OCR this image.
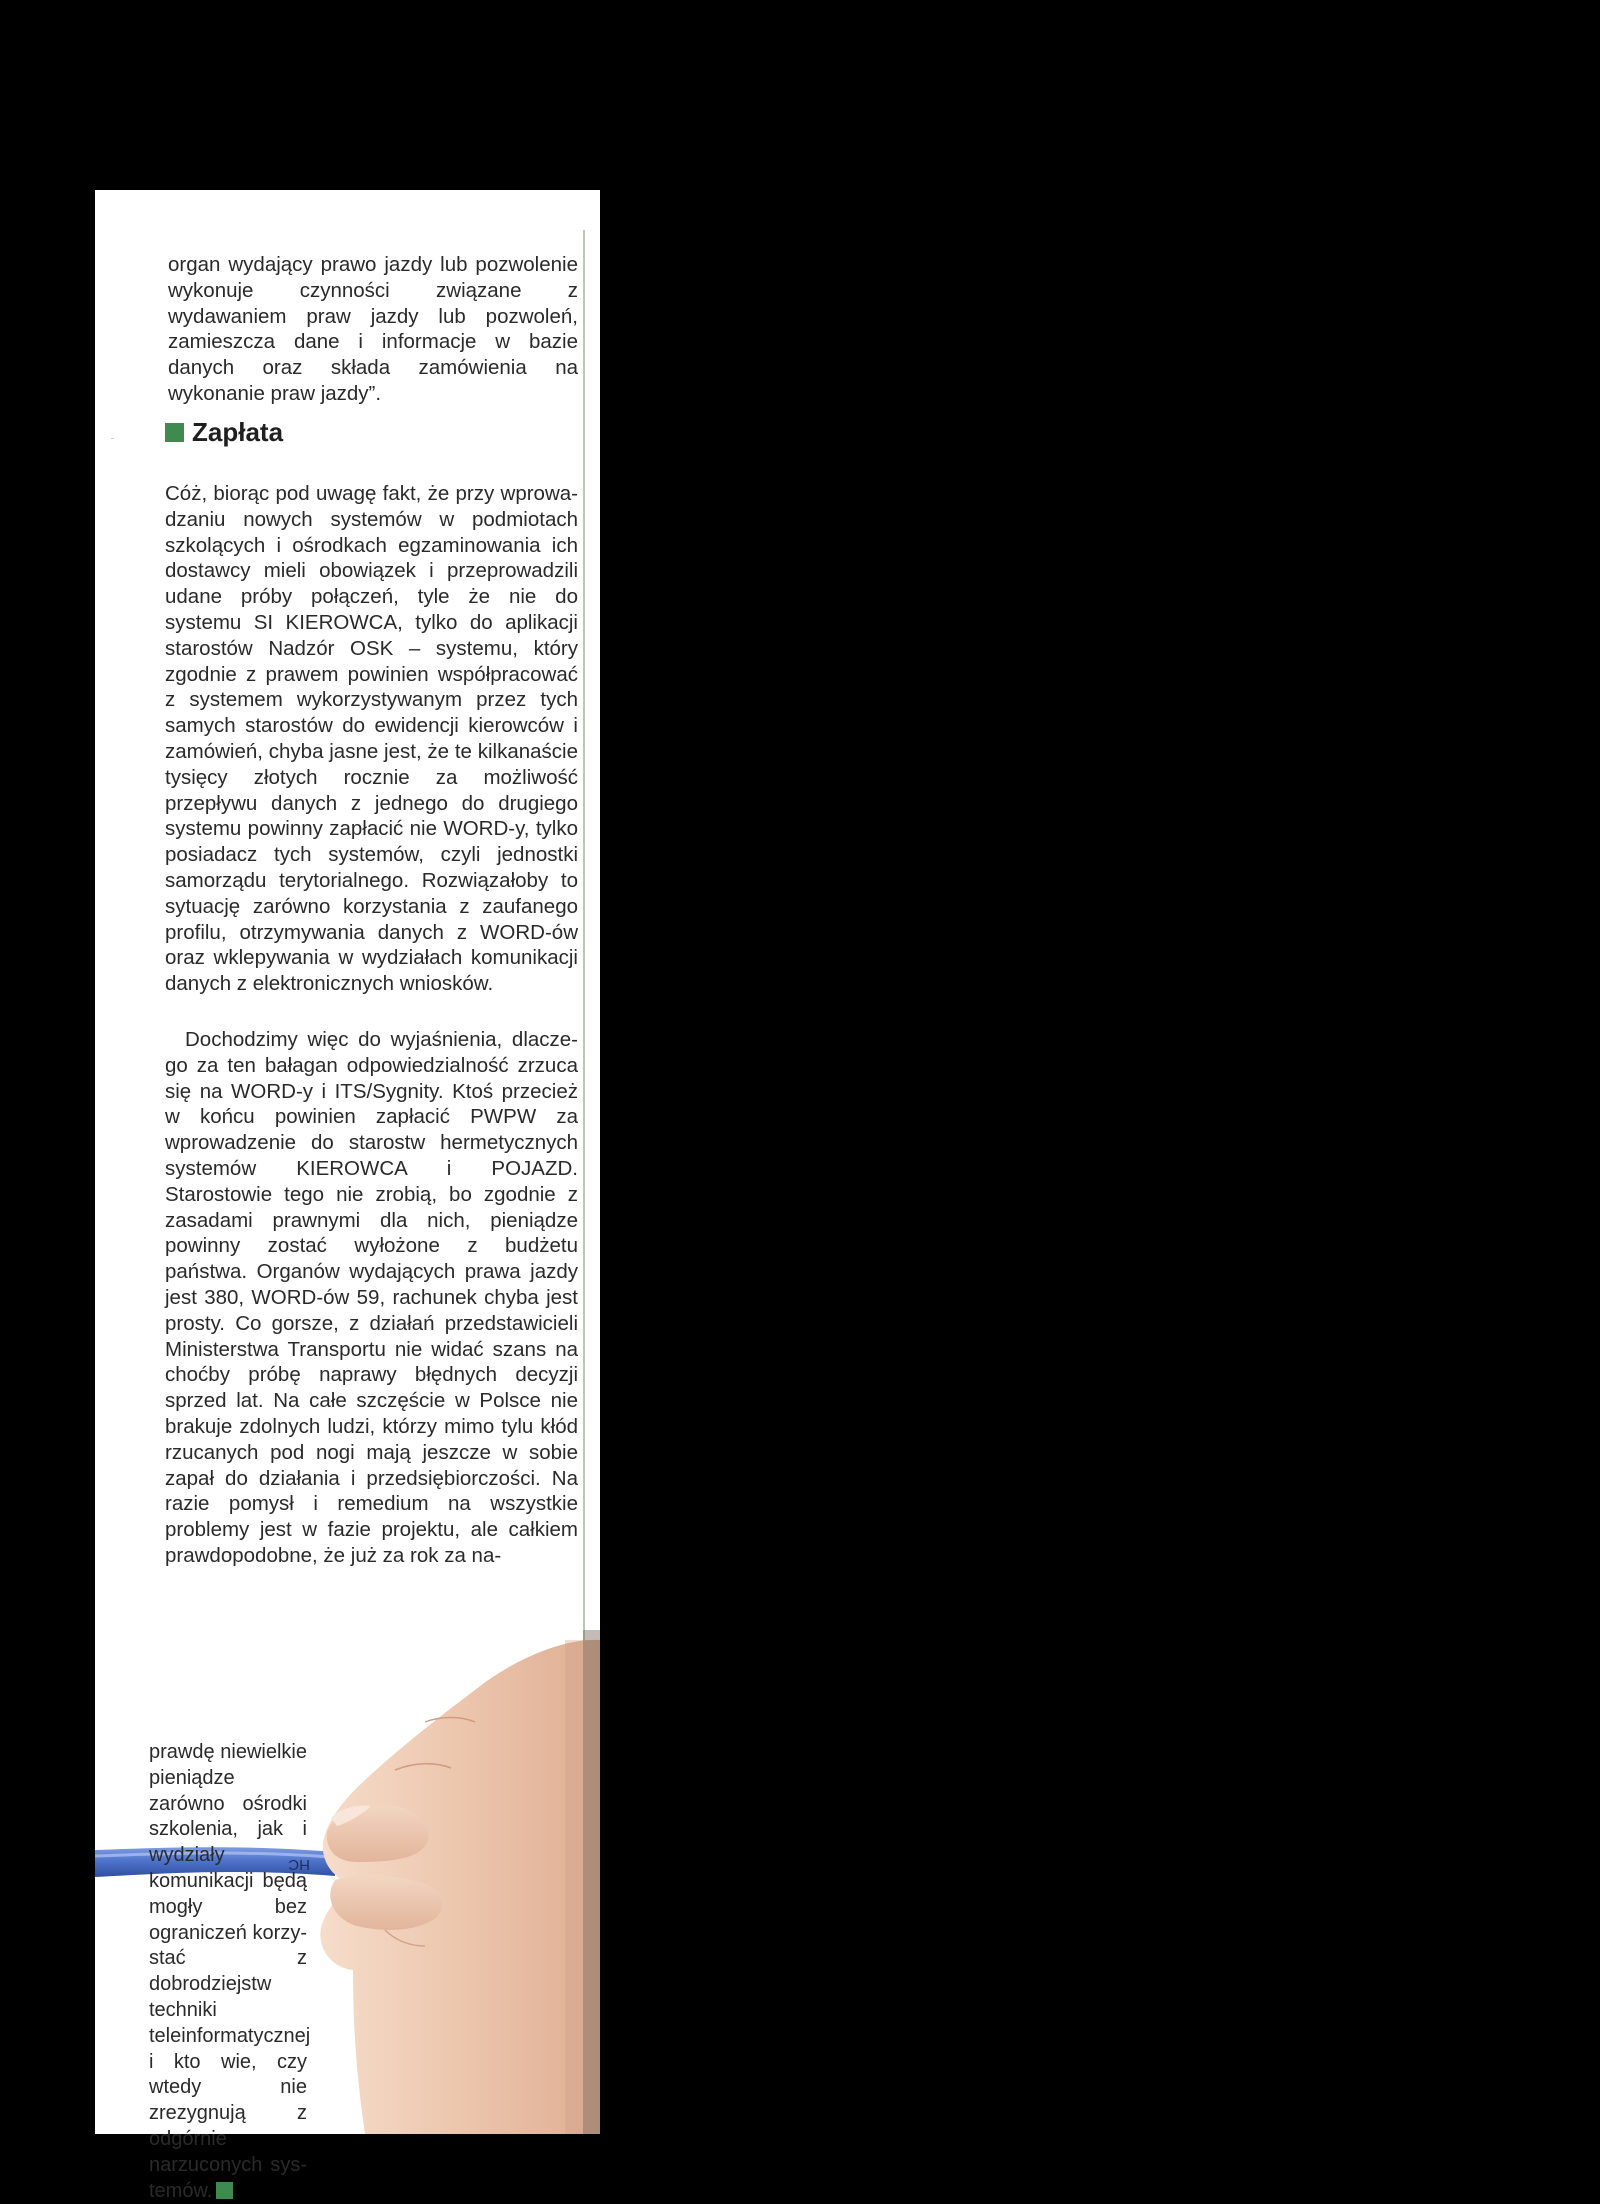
organ wydający prawo jazdy lub pozwolenie wykonuje czynności związane z wydawaniem praw jazdy lub pozwoleń, zamieszcza dane i informacje w bazie danych oraz składa zamówienia na wykonanie praw jazdy”.

Zapłata

Cóż, biorąc pod uwagę fakt, że przy wprowadzaniu nowych systemów w podmiotach szkolących i ośrodkach egzaminowania ich dostawcy mieli obowiązek i przeprowadzili udane próby połączeń, tyle że nie do systemu SI KIEROWCA, tylko do aplikacji starostów Nadzór OSK – systemu, który zgodnie z prawem powinien współpracować z systemem wykorzystywanym przez tych samych starostów do ewidencji kierowców i zamówień, chyba jasne jest, że te kilkanaście tysięcy złotych rocznie za możliwość przepływu danych z jednego do drugiego systemu powinny zapłacić nie WORD-y, tylko posiadacz tych systemów, czyli jednostki samorządu terytorialnego. Rozwiązałoby to sytuację zarówno korzystania z zaufanego profilu, otrzymywania danych z WORD-ów oraz wklepywania w wydziałach komunikacji danych z elektronicznych wniosków.

Dochodzimy więc do wyjaśnienia, dlaczego za ten bałagan odpowiedzialność zrzuca się na WORD-y i ITS/Sygnity. Ktoś przecież w końcu powinien zapłacić PWPW za wprowadzenie do starostw hermetycznych systemów KIEROWCA i POJAZD. Starostowie tego nie zrobią, bo zgodnie z zasadami prawnymi dla nich, pieniądze powinny zostać wyłożone z budżetu państwa. Organów wydających prawa jazdy jest 380, WORD-ów 59, rachunek chyba jest prosty. Co gorsze, z działań przedstawicieli Ministerstwa Transportu nie widać szans na choćby próbę naprawy błędnych decyzji sprzed lat. Na całe szczęście w Polsce nie brakuje zdolnych ludzi, którzy mimo tylu kłód rzucanych pod nogi mają jeszcze w sobie zapał do działania i przedsiębiorczości. Na razie pomysł i remedium na wszystkie problemy jest w fazie projektu, ale całkiem prawdopodobne, że już za rok za na-

HC

prawdę niewielkie pieniądze zarówno ośrodki szkolenia, jak i wydziały komunikacji będą mogły bez ograniczeń korzystać z dobrodziejstw techniki teleinformatycznej i kto wie, czy wtedy nie zrezygnują z odgórnie narzuconych systemów.
